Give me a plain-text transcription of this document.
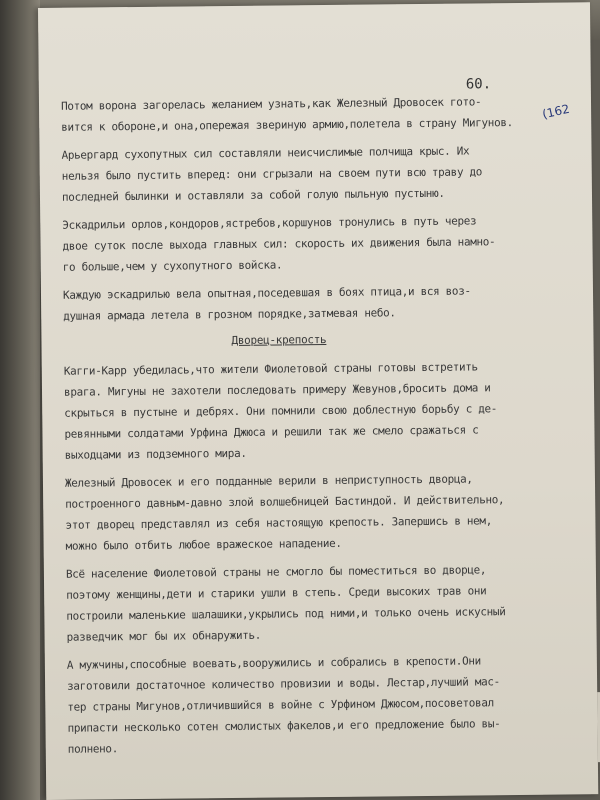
60.
(162
Потом ворона загорелась желанием узнать,как Железный Дровосек гото-
вится к обороне,и она,опережая звериную армию,полетела в страну Мигунов.
Арьергард сухопутных сил составляли неисчислимые полчища крыс. Их
нельзя было пустить вперед: они сгрызали на своем пути всю траву до
последней былинки и оставляли за собой голую пыльную пустыню.
Эскадрильи орлов,кондоров,ястребов,коршунов тронулись в путь через
двое суток после выхода главных сил: скорость их движения была намно-
го больше,чем у сухопутного войска.
Каждую эскадрилью вела опытная,поседевшая в боях птица,и вся воз-
душная армада летела в грозном порядке,затмевая небо.
Кагги-Карр убедилась,что жители Фиолетовой страны готовы встретить
врага. Мигуны не захотели последовать примеру Жевунов,бросить дома и
скрыться в пустыне и дебрях. Они помнили свою доблестную борьбу с де-
ревянными солдатами Урфина Джюса и решили так же смело сражаться с
выходцами из подземного мира.
Железный Дровосек и его подданные верили в неприступность дворца,
построенного давным-давно злой волшебницей Бастиндой. И действительно,
этот дворец представлял из себя настоящую крепость. Запершись в нем,
можно было отбить любое вражеское нападение.
Всё население Фиолетовой страны не смогло бы поместиться во дворце,
поэтому женщины,дети и старики ушли в степь. Среди высоких трав они
построили маленькие шалашики,укрылись под ними,и только очень искусный
разведчик мог бы их обнаружить.
А мужчины,способные воевать,вооружились и собрались в крепости.Они
заготовили достаточное количество провизии и воды. Лестар,лучший мас-
тер страны Мигунов,отличившийся в войне с Урфином Джюсом,посоветовал
припасти несколько сотен смолистых факелов,и его предложение было вы-
полнено.
Дворец-крепость
